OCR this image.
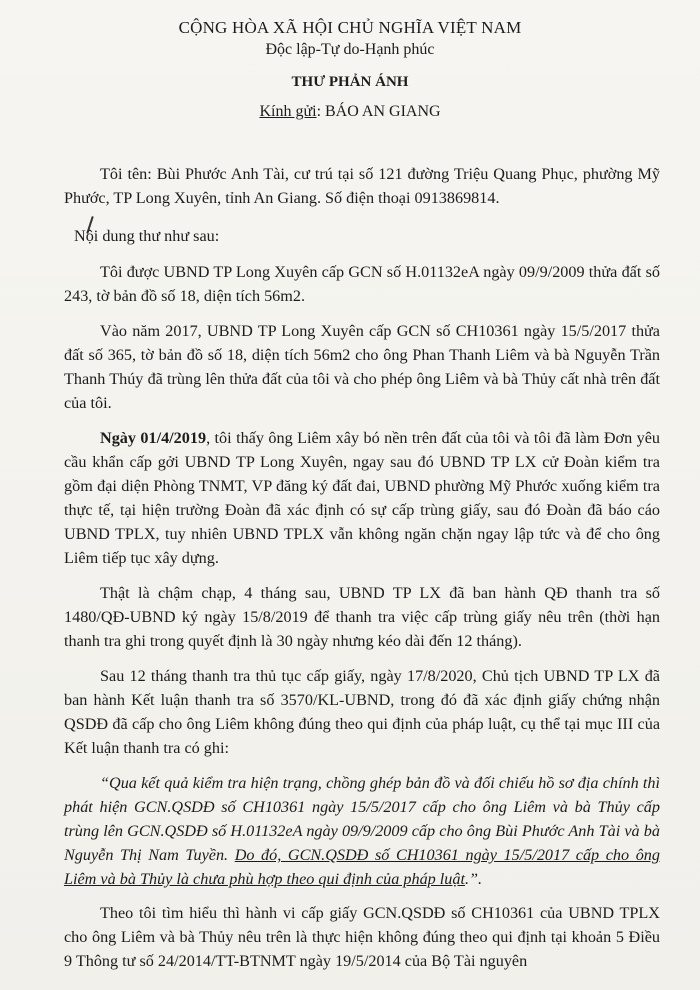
CỘNG HÒA XÃ HỘI CHỦ NGHĨA VIỆT NAM
Độc lập-Tự do-Hạnh phúc
THƯ PHẢN ÁNH
Kính gửi: BÁO AN GIANG

Tôi tên: Bùi Phước Anh Tài, cư trú tại số 121 đường Triệu Quang Phục, phường Mỹ Phước, TP Long Xuyên, tỉnh An Giang. Số điện thoại 0913869814.

Nội dung thư như sau:

Tôi được UBND TP Long Xuyên cấp GCN số H.01132eA ngày 09/9/2009 thửa đất số 243, tờ bản đồ số 18, diện tích 56m2.

Vào năm 2017, UBND TP Long Xuyên cấp GCN số CH10361 ngày 15/5/2017 thửa đất số 365, tờ bản đồ số 18, diện tích 56m2 cho ông Phan Thanh Liêm và bà Nguyễn Trần Thanh Thúy đã trùng lên thửa đất của tôi và cho phép ông Liêm và bà Thủy cất nhà trên đất của tôi.

Ngày 01/4/2019, tôi thấy ông Liêm xây bó nền trên đất của tôi và tôi đã làm Đơn yêu cầu khẩn cấp gởi UBND TP Long Xuyên, ngay sau đó UBND TP LX cử Đoàn kiểm tra gồm đại diện Phòng TNMT, VP đăng ký đất đai, UBND phường Mỹ Phước xuống kiểm tra thực tế, tại hiện trường Đoàn đã xác định có sự cấp trùng giấy, sau đó Đoàn đã báo cáo UBND TPLX, tuy nhiên UBND TPLX vẫn không ngăn chặn ngay lập tức và để cho ông Liêm tiếp tục xây dựng.

Thật là chậm chạp, 4 tháng sau, UBND TP LX đã ban hành QĐ thanh tra số 1480/QĐ-UBND ký ngày 15/8/2019 để thanh tra việc cấp trùng giấy nêu trên (thời hạn thanh tra ghi trong quyết định là 30 ngày nhưng kéo dài đến 12 tháng).

Sau 12 tháng thanh tra thủ tục cấp giấy, ngày 17/8/2020, Chủ tịch UBND TP LX đã ban hành Kết luận thanh tra số 3570/KL-UBND, trong đó đã xác định giấy chứng nhận QSDĐ đã cấp cho ông Liêm không đúng theo qui định của pháp luật, cụ thể tại mục III của Kết luận thanh tra có ghi:

“Qua kết quả kiểm tra hiện trạng, chồng ghép bản đồ và đối chiếu hồ sơ địa chính thì phát hiện GCN.QSDĐ số CH10361 ngày 15/5/2017 cấp cho ông Liêm và bà Thủy cấp trùng lên GCN.QSDĐ số H.01132eA ngày 09/9/2009 cấp cho ông Bùi Phước Anh Tài và bà Nguyễn Thị Nam Tuyền. Do đó, GCN.QSDĐ số CH10361 ngày 15/5/2017 cấp cho ông Liêm và bà Thủy là chưa phù hợp theo qui định của pháp luật.”.

Theo tôi tìm hiểu thì hành vi cấp giấy GCN.QSDĐ số CH10361 của UBND TPLX cho ông Liêm và bà Thủy nêu trên là thực hiện không đúng theo qui định tại khoản 5 Điều 9 Thông tư số 24/2014/TT-BTNMT ngày 19/5/2014 của Bộ Tài nguyên
